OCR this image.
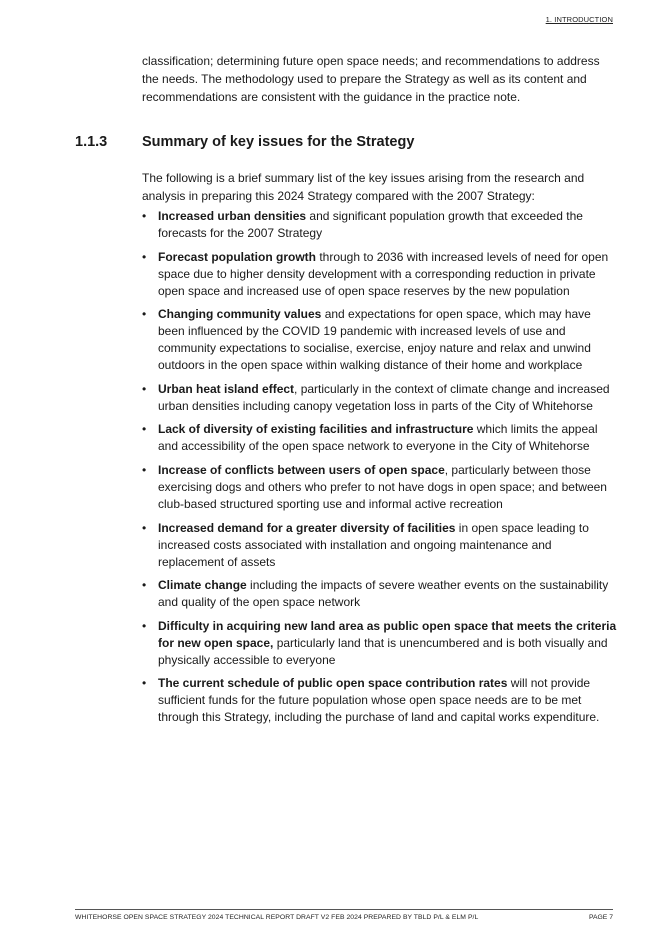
1. INTRODUCTION

classification; determining future open space needs; and recommendations to address the needs. The methodology used to prepare the Strategy as well as its content and recommendations are consistent with the guidance in the practice note.

1.1.3 Summary of key issues for the Strategy

The following is a brief summary list of the key issues arising from the research and analysis in preparing this 2024 Strategy compared with the 2007 Strategy:

• Increased urban densities and significant population growth that exceeded the forecasts for the 2007 Strategy
• Forecast population growth through to 2036 with increased levels of need for open space due to higher density development with a corresponding reduction in private open space and increased use of open space reserves by the new population
• Changing community values and expectations for open space, which may have been influenced by the COVID 19 pandemic with increased levels of use and community expectations to socialise, exercise, enjoy nature and relax and unwind outdoors in the open space within walking distance of their home and workplace
• Urban heat island effect, particularly in the context of climate change and increased urban densities including canopy vegetation loss in parts of the City of Whitehorse
• Lack of diversity of existing facilities and infrastructure which limits the appeal and accessibility of the open space network to everyone in the City of Whitehorse
• Increase of conflicts between users of open space, particularly between those exercising dogs and others who prefer to not have dogs in open space; and between club-based structured sporting use and informal active recreation
• Increased demand for a greater diversity of facilities in open space leading to increased costs associated with installation and ongoing maintenance and replacement of assets
• Climate change including the impacts of severe weather events on the sustainability and quality of the open space network
• Difficulty in acquiring new land area as public open space that meets the criteria for new open space, particularly land that is unencumbered and is both visually and physically accessible to everyone
• The current schedule of public open space contribution rates will not provide sufficient funds for the future population whose open space needs are to be met through this Strategy, including the purchase of land and capital works expenditure.
WHITEHORSE OPEN SPACE STRATEGY 2024 TECHNICAL REPORT DRAFT V2 FEB 2024 PREPARED BY TBLD P/L & ELM P/L	PAGE 7
